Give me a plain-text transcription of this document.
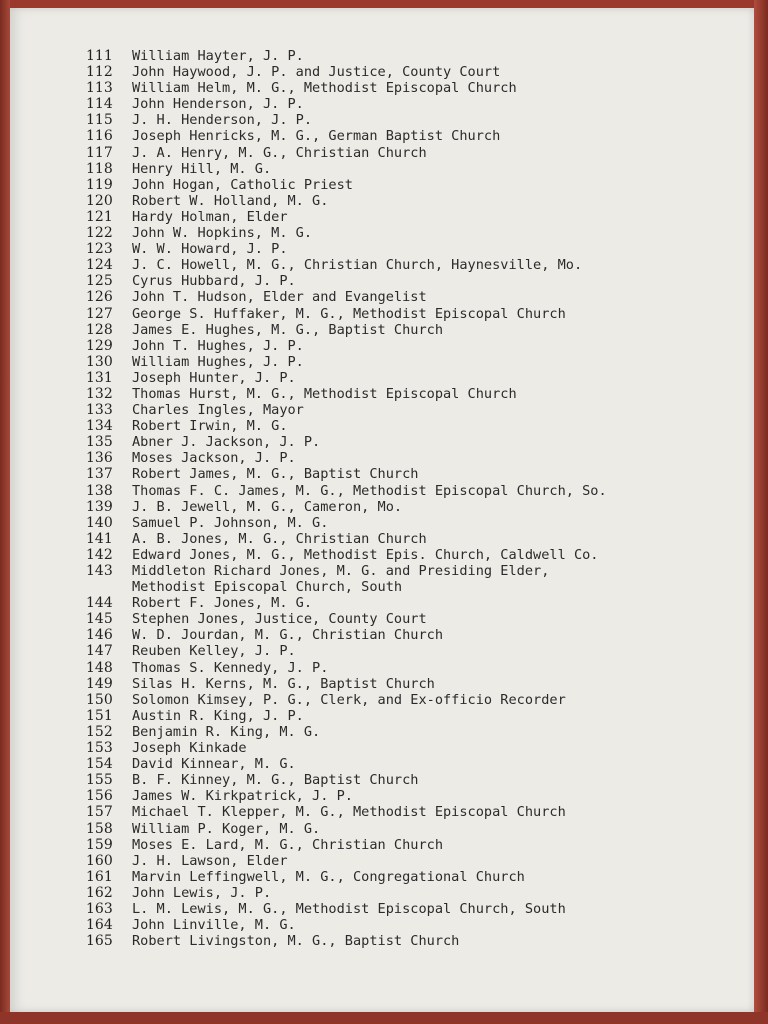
111	William Hayter, J. P.
112	John Haywood, J. P. and Justice, County Court
113	William Helm, M. G., Methodist Episcopal Church
114	John Henderson, J. P.
115	J. H. Henderson, J. P.
116	Joseph Henricks, M. G., German Baptist Church
117	J. A. Henry, M. G., Christian Church
118	Henry Hill, M. G.
119	John Hogan, Catholic Priest
120	Robert W. Holland, M. G.
121	Hardy Holman, Elder
122	John W. Hopkins, M. G.
123	W. W. Howard, J. P.
124	J. C. Howell, M. G., Christian Church, Haynesville, Mo.
125	Cyrus Hubbard, J. P.
126	John T. Hudson, Elder and Evangelist
127	George S. Huffaker, M. G., Methodist Episcopal Church
128	James E. Hughes, M. G., Baptist Church
129	John T. Hughes, J. P.
130	William Hughes, J. P.
131	Joseph Hunter, J. P.
132	Thomas Hurst, M. G., Methodist Episcopal Church
133	Charles Ingles, Mayor
134	Robert Irwin, M. G.
135	Abner J. Jackson, J. P.
136	Moses Jackson, J. P.
137	Robert James, M. G., Baptist Church
138	Thomas F. C. James, M. G., Methodist Episcopal Church, So.
139	J. B. Jewell, M. G., Cameron, Mo.
140	Samuel P. Johnson, M. G.
141	A. B. Jones, M. G., Christian Church
142	Edward Jones, M. G., Methodist Epis. Church, Caldwell Co.
143	Middleton Richard Jones, M. G. and Presiding Elder,
Methodist Episcopal Church, South
144	Robert F. Jones, M. G.
145	Stephen Jones, Justice, County Court
146	W. D. Jourdan, M. G., Christian Church
147	Reuben Kelley, J. P.
148	Thomas S. Kennedy, J. P.
149	Silas H. Kerns, M. G., Baptist Church
150	Solomon Kimsey, P. G., Clerk, and Ex-officio Recorder
151	Austin R. King, J. P.
152	Benjamin R. King, M. G.
153	Joseph Kinkade
154	David Kinnear, M. G.
155	B. F. Kinney, M. G., Baptist Church
156	James W. Kirkpatrick, J. P.
157	Michael T. Klepper, M. G., Methodist Episcopal Church
158	William P. Koger, M. G.
159	Moses E. Lard, M. G., Christian Church
160	J. H. Lawson, Elder
161	Marvin Leffingwell, M. G., Congregational Church
162	John Lewis, J. P.
163	L. M. Lewis, M. G., Methodist Episcopal Church, South
164	John Linville, M. G.
165	Robert Livingston, M. G., Baptist Church
